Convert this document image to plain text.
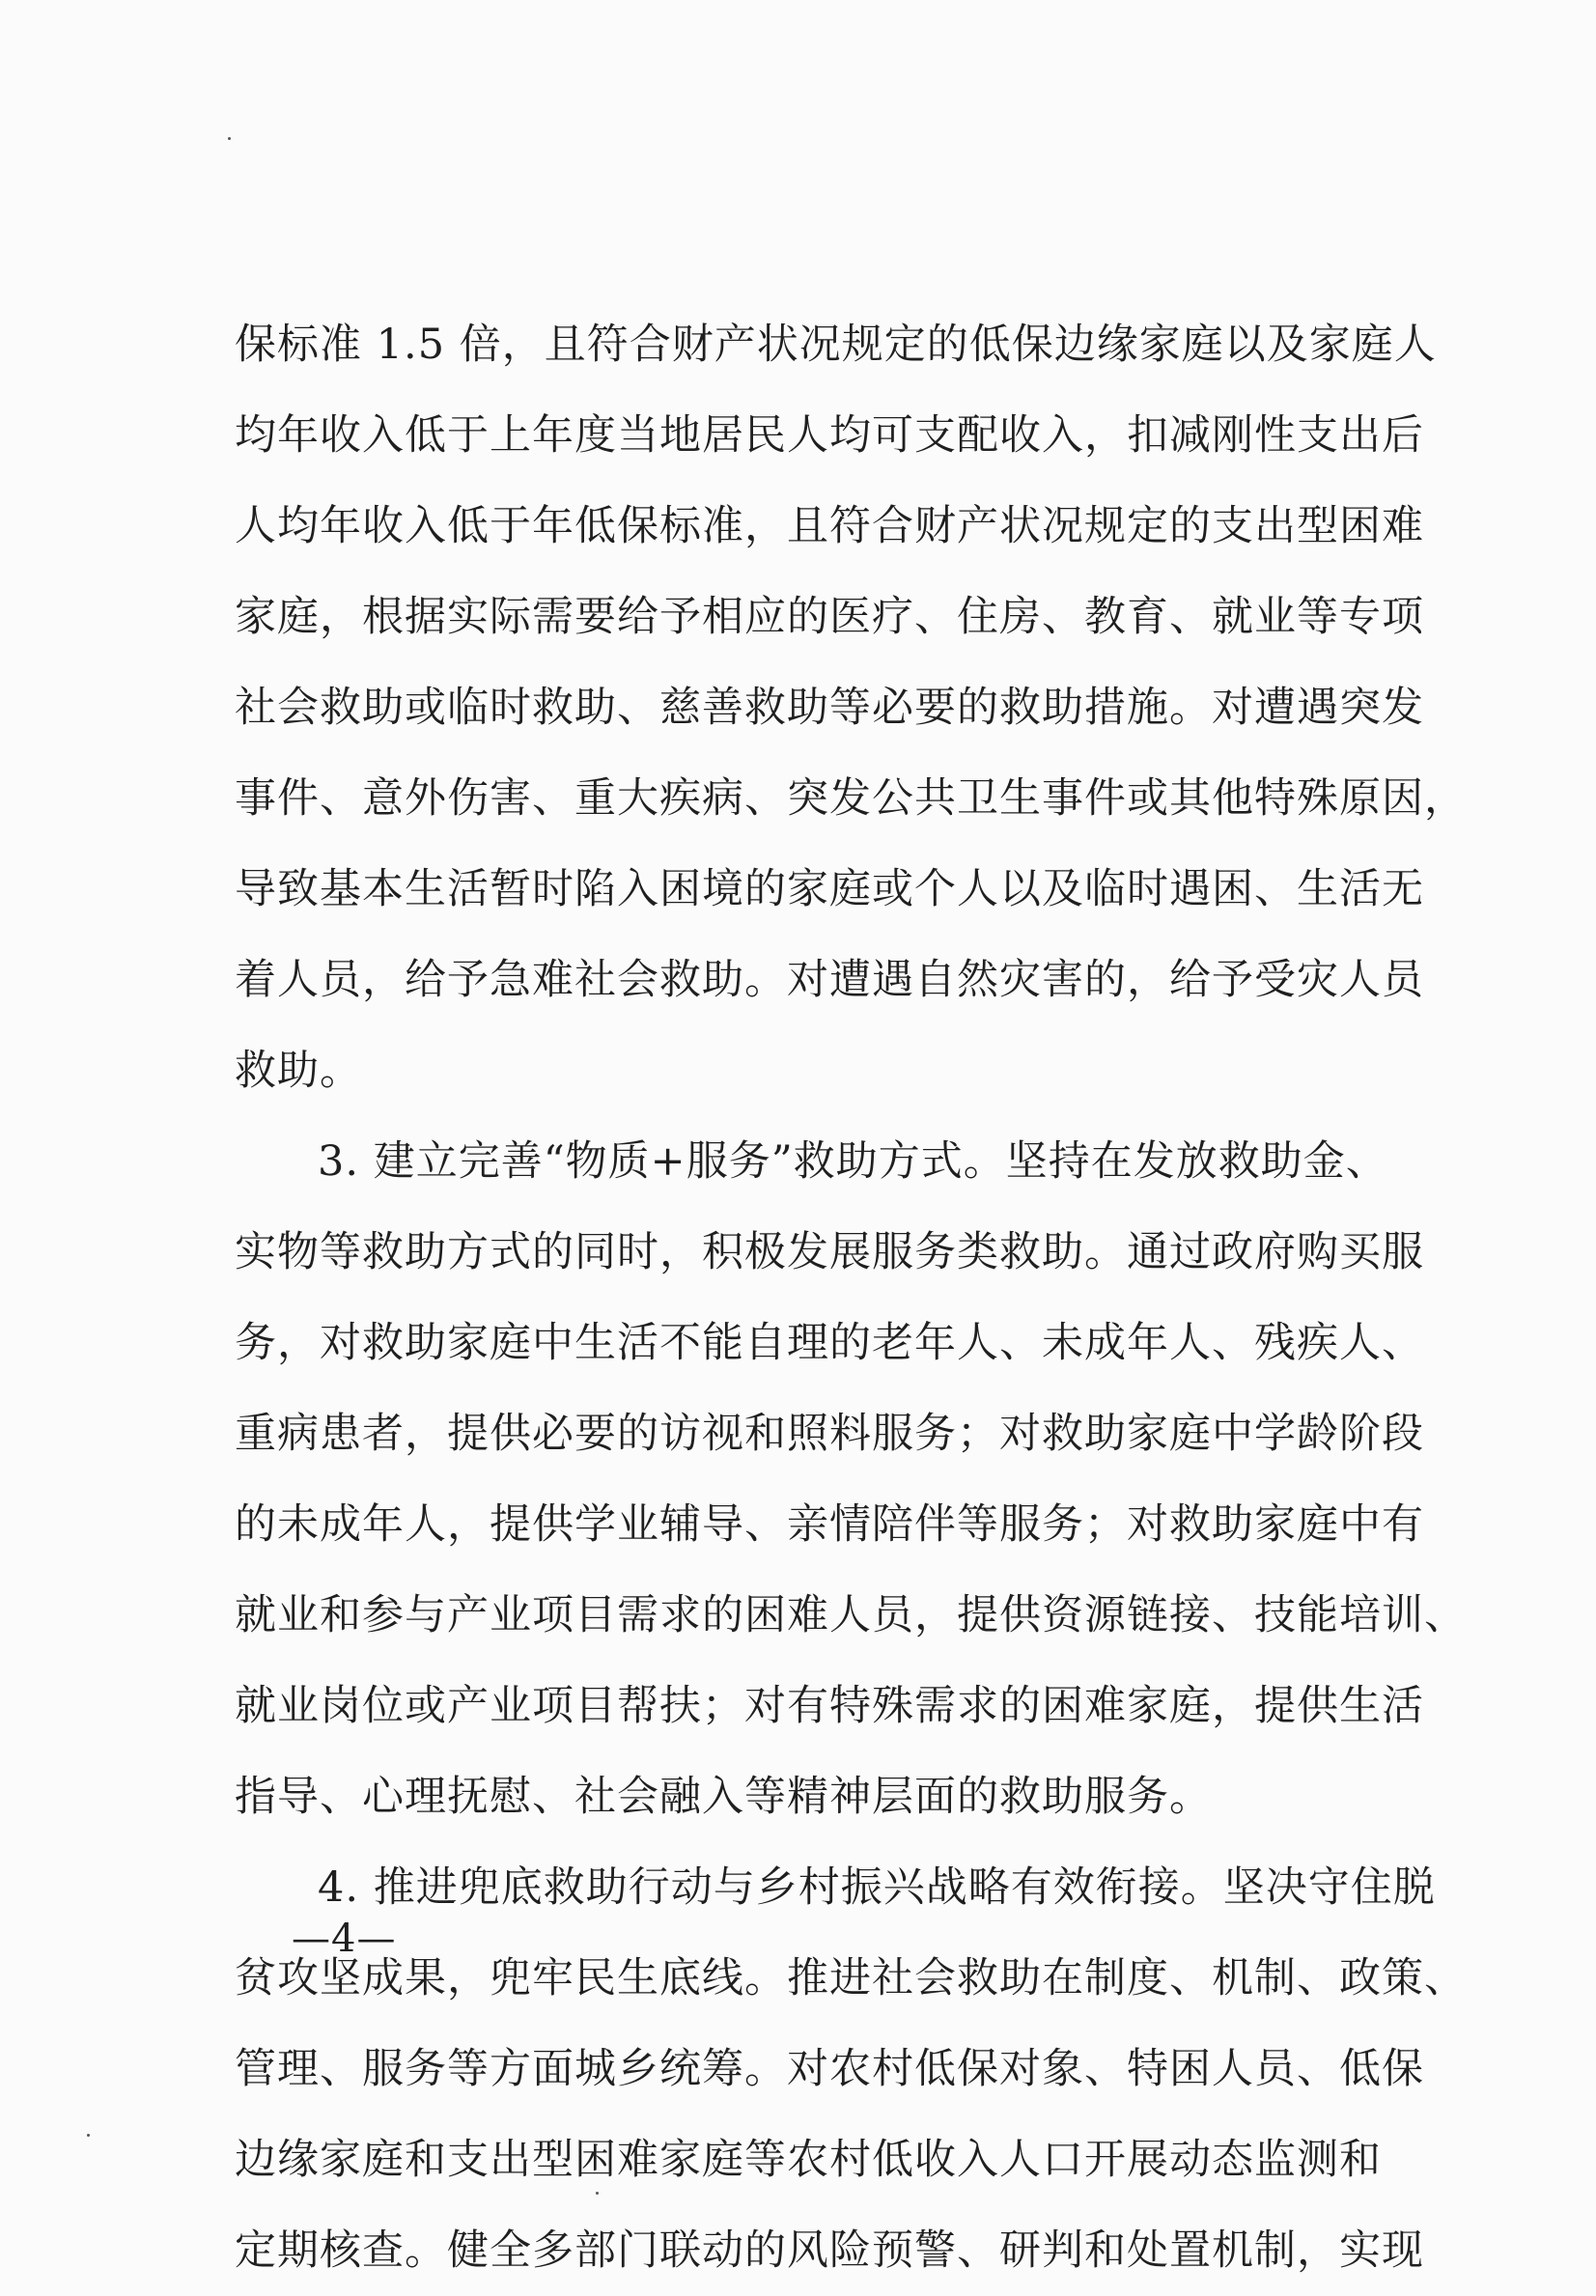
保标准 1.5 倍，且符合财产状况规定的低保边缘家庭以及家庭人
均年收入低于上年度当地居民人均可支配收入，扣减刚性支出后
人均年收入低于年低保标准，且符合财产状况规定的支出型困难
家庭，根据实际需要给予相应的医疗、住房、教育、就业等专项
社会救助或临时救助、慈善救助等必要的救助措施。对遭遇突发
事件、意外伤害、重大疾病、突发公共卫生事件或其他特殊原因，
导致基本生活暂时陷入困境的家庭或个人以及临时遇困、生活无
着人员，给予急难社会救助。对遭遇自然灾害的，给予受灾人员
救助。
3. 建立完善“物质+服务”救助方式。坚持在发放救助金、
实物等救助方式的同时，积极发展服务类救助。通过政府购买服
务，对救助家庭中生活不能自理的老年人、未成年人、残疾人、
重病患者，提供必要的访视和照料服务；对救助家庭中学龄阶段
的未成年人，提供学业辅导、亲情陪伴等服务；对救助家庭中有
就业和参与产业项目需求的困难人员，提供资源链接、技能培训、
就业岗位或产业项目帮扶；对有特殊需求的困难家庭，提供生活
指导、心理抚慰、社会融入等精神层面的救助服务。
4. 推进兜底救助行动与乡村振兴战略有效衔接。坚决守住脱
贫攻坚成果，兜牢民生底线。推进社会救助在制度、机制、政策、
管理、服务等方面城乡统筹。对农村低保对象、特困人员、低保
边缘家庭和支出型困难家庭等农村低收入人口开展动态监测和
定期核查。健全多部门联动的风险预警、研判和处置机制，实现
—4—
